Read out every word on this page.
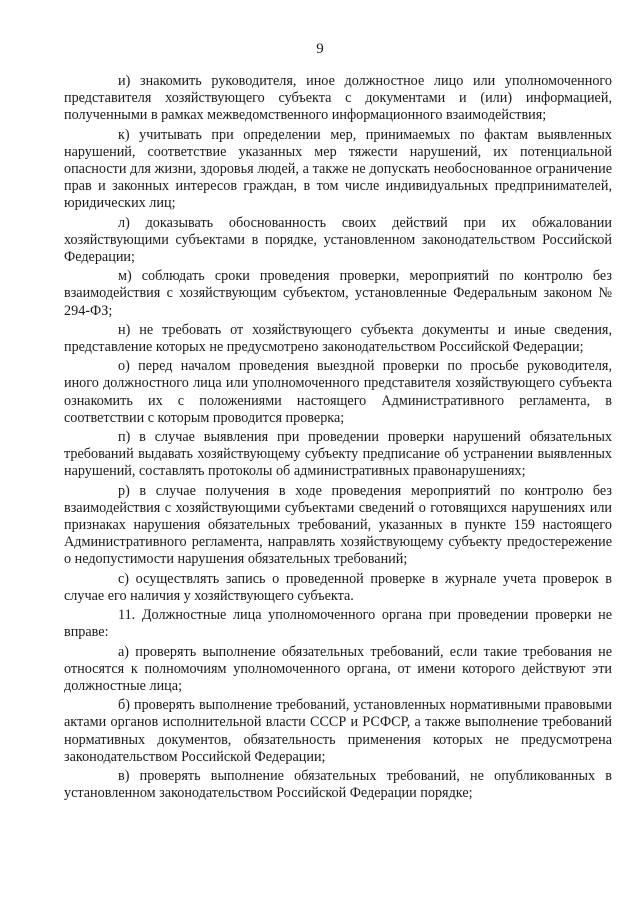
9

и) знакомить руководителя, иное должностное лицо или уполномоченного представителя хозяйствующего субъекта с документами и (или) информацией, полученными в рамках межведомственного информационного взаимодействия;

к) учитывать при определении мер, принимаемых по фактам выявленных нарушений, соответствие указанных мер тяжести нарушений, их потенциальной опасности для жизни, здоровья людей, а также не допускать необоснованное ограничение прав и законных интересов граждан, в том числе индивидуальных предпринимателей, юридических лиц;

л) доказывать обоснованность своих действий при их обжаловании хозяйствующими субъектами в порядке, установленном законодательством Российской Федерации;

м) соблюдать сроки проведения проверки, мероприятий по контролю без взаимодействия с хозяйствующим субъектом, установленные Федеральным законом № 294-ФЗ;

н) не требовать от хозяйствующего субъекта документы и иные сведения, представление которых не предусмотрено законодательством Российской Федерации;

о) перед началом проведения выездной проверки по просьбе руководителя, иного должностного лица или уполномоченного представителя хозяйствующего субъекта ознакомить их с положениями настоящего Административного регламента, в соответствии с которым проводится проверка;

п) в случае выявления при проведении проверки нарушений обязательных требований выдавать хозяйствующему субъекту предписание об устранении выявленных нарушений, составлять протоколы об административных правонарушениях;

р) в случае получения в ходе проведения мероприятий по контролю без взаимодействия с хозяйствующими субъектами сведений о готовящихся нарушениях или признаках нарушения обязательных требований, указанных в пункте 159 настоящего Административного регламента, направлять хозяйствующему субъекту предостережение о недопустимости нарушения обязательных требований;

с) осуществлять запись о проведенной проверке в журнале учета проверок в случае его наличия у хозяйствующего субъекта.

11. Должностные лица уполномоченного органа при проведении проверки не вправе:

а) проверять выполнение обязательных требований, если такие требования не относятся к полномочиям уполномоченного органа, от имени которого действуют эти должностные лица;

б) проверять выполнение требований, установленных нормативными правовыми актами органов исполнительной власти СССР и РСФСР, а также выполнение требований нормативных документов, обязательность применения которых не предусмотрена законодательством Российской Федерации;

в) проверять выполнение обязательных требований, не опубликованных в установленном законодательством Российской Федерации порядке;
